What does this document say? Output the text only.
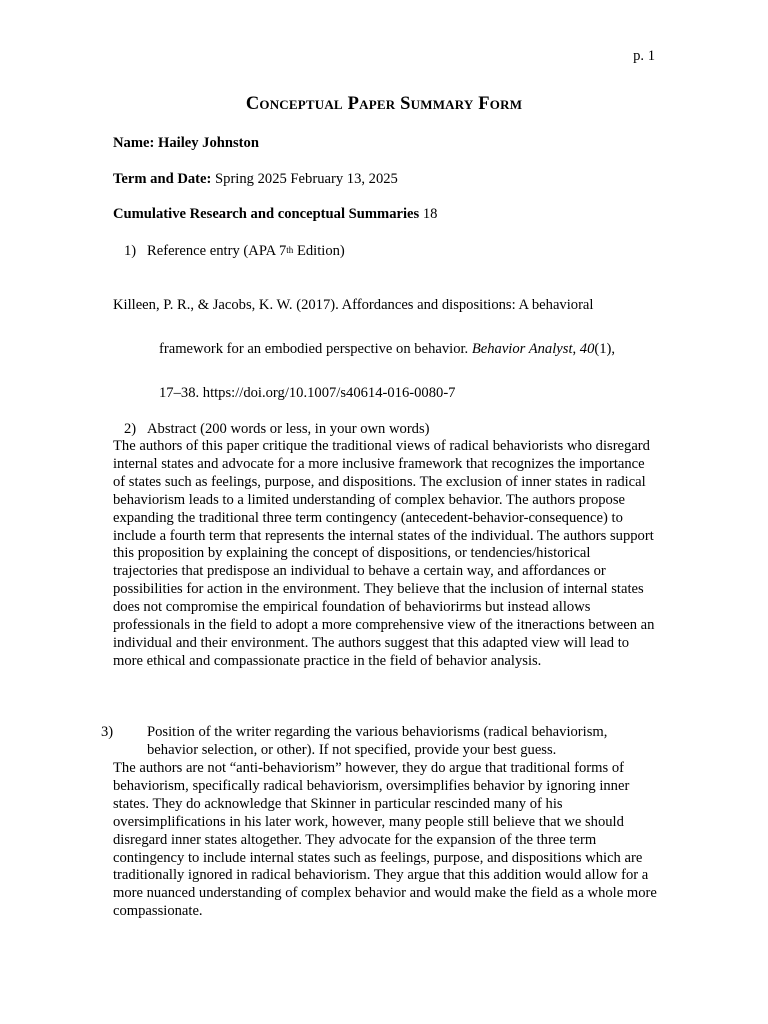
p. 1
Conceptual Paper Summary Form
Name: Hailey Johnston
Term and Date: Spring 2025 February 13, 2025
Cumulative Research and conceptual Summaries 18
1) Reference entry (APA 7th Edition)
Killeen, P. R., & Jacobs, K. W. (2017). Affordances and dispositions: A behavioral
framework for an embodied perspective on behavior. Behavior Analyst, 40(1),
17–38. https://doi.org/10.1007/s40614-016-0080-7
2) Abstract (200 words or less, in your own words)
The authors of this paper critique the traditional views of radical behaviorists who disregard internal states and advocate for a more inclusive framework that recognizes the importance of states such as feelings, purpose, and dispositions. The exclusion of inner states in radical behaviorism leads to a limited understanding of complex behavior. The authors propose expanding the traditional three term contingency (antecedent-behavior-consequence) to include a fourth term that represents the internal states of the individual. The authors support this proposition by explaining the concept of dispositions, or tendencies/historical trajectories that predispose an individual to behave a certain way, and affordances or possibilities for action in the environment. They believe that the inclusion of internal states does not compromise the empirical foundation of behaviorirms but instead allows professionals in the field to adopt a more comprehensive view of the itneractions between an individual and their environment. The authors suggest that this adapted view will lead to more ethical and compassionate practice in the field of behavior analysis.
3) Position of the writer regarding the various behaviorisms (radical behaviorism, behavior selection, or other). If not specified, provide your best guess.
The authors are not “anti-behaviorism” however, they do argue that traditional forms of behaviorism, specifically radical behaviorism, oversimplifies behavior by ignoring inner states. They do acknowledge that Skinner in particular rescinded many of his oversimplifications in his later work, however, many people still believe that we should disregard inner states altogether. They advocate for the expansion of the three term contingency to include internal states such as feelings, purpose, and dispositions which are traditionally ignored in radical behaviorism. They argue that this addition would allow for a more nuanced understanding of complex behavior and would make the field as a whole more compassionate.
